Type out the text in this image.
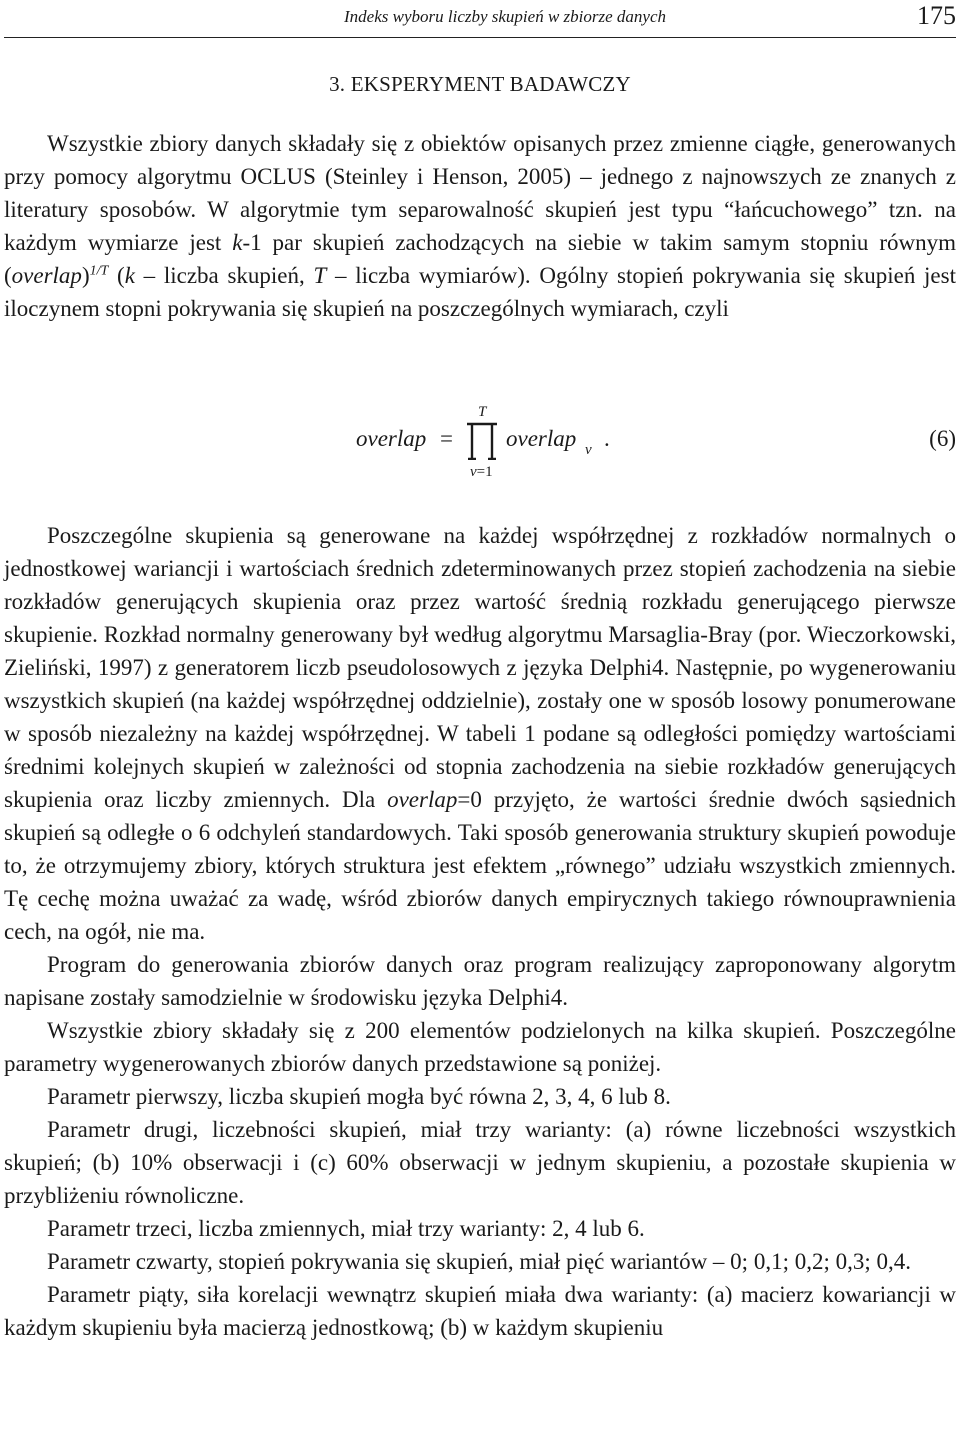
Indeks wyboru liczby skupień w zbiorze danych	175
3. EKSPERYMENT BADAWCZY

Wszystkie zbiory danych składały się z obiektów opisanych przez zmienne ciągłe, generowanych przy pomocy algorytmu OCLUS (Steinley i Henson, 2005) – jednego z najnowszych ze znanych z literatury sposobów. W algorytmie tym separowalność skupień jest typu “łańcuchowego” tzn. na każdym wymiarze jest k-1 par skupień zachodzących na siebie w takim samym stopniu równym (overlap)$^{1/T}$ (k – liczba skupień, T – liczba wymiarów). Ogólny stopień pokrywania się skupień jest iloczynem stopni pokrywania się skupień na poszczególnych wymiarach, czyli

overlap =
T
v=1
overlap v .	(6)

Poszczególne skupienia są generowane na każdej współrzędnej z rozkładów normalnych o jednostkowej wariancji i wartościach średnich zdeterminowanych przez stopień zachodzenia na siebie rozkładów generujących skupienia oraz przez wartość średnią rozkładu generującego pierwsze skupienie. Rozkład normalny generowany był według algorytmu Marsaglia-Bray (por. Wieczorkowski, Zieliński, 1997) z generatorem liczb pseudolosowych z języka Delphi4. Następnie, po wygenerowaniu wszystkich skupień (na każdej współrzędnej oddzielnie), zostały one w sposób losowy ponumerowane w sposób niezależny na każdej współrzędnej. W tabeli 1 podane są odległości pomiędzy wartościami średnimi kolejnych skupień w zależności od stopnia zachodzenia na siebie rozkładów generujących skupienia oraz liczby zmiennych. Dla overlap=0 przyjęto, że wartości średnie dwóch sąsiednich skupień są odległe o 6 odchyleń standardowych. Taki sposób generowania struktury skupień powoduje to, że otrzymujemy zbiory, których struktura jest efektem „równego” udziału wszystkich zmiennych. Tę cechę można uważać za wadę, wśród zbiorów danych empirycznych takiego równouprawnienia cech, na ogół, nie ma.

Program do generowania zbiorów danych oraz program realizujący zaproponowany algorytm napisane zostały samodzielnie w środowisku języka Delphi4.

Wszystkie zbiory składały się z 200 elementów podzielonych na kilka skupień. Poszczególne parametry wygenerowanych zbiorów danych przedstawione są poniżej.

Parametr pierwszy, liczba skupień mogła być równa 2, 3, 4, 6 lub 8.

Parametr drugi, liczebności skupień, miał trzy warianty: (a) równe liczebności wszystkich skupień; (b) 10% obserwacji i (c) 60% obserwacji w jednym skupieniu, a pozostałe skupienia w przybliżeniu równoliczne.

Parametr trzeci, liczba zmiennych, miał trzy warianty: 2, 4 lub 6.

Parametr czwarty, stopień pokrywania się skupień, miał pięć wariantów – 0; 0,1; 0,2; 0,3; 0,4.

Parametr piąty, siła korelacji wewnątrz skupień miała dwa warianty: (a) macierz kowariancji w każdym skupieniu była macierzą jednostkową; (b) w każdym skupieniu
